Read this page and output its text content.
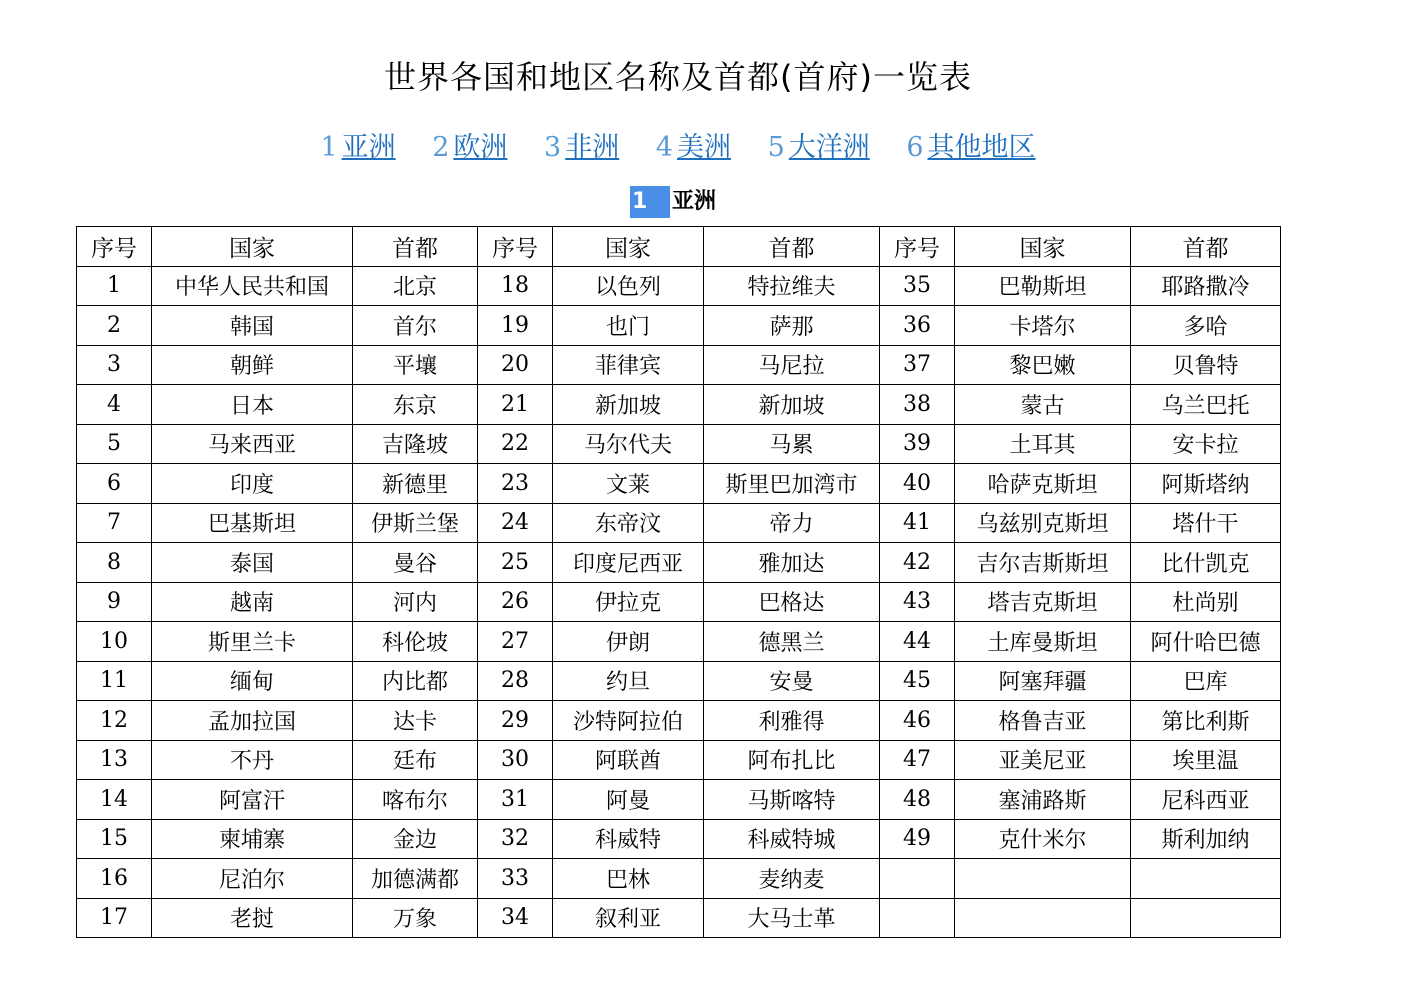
世界各国和地区名称及首都(首府)一览表
1 亚洲 2 欧洲 3 非洲 4 美洲 5 大洋洲 6 其他地区
1 亚洲
序号	国家	首都	序号	国家	首都	序号	国家	首都
1	中华人民共和国	北京	18	以色列	特拉维夫	35	巴勒斯坦	耶路撒冷
2	韩国	首尔	19	也门	萨那	36	卡塔尔	多哈
3	朝鲜	平壤	20	菲律宾	马尼拉	37	黎巴嫩	贝鲁特
4	日本	东京	21	新加坡	新加坡	38	蒙古	乌兰巴托
5	马来西亚	吉隆坡	22	马尔代夫	马累	39	土耳其	安卡拉
6	印度	新德里	23	文莱	斯里巴加湾市	40	哈萨克斯坦	阿斯塔纳
7	巴基斯坦	伊斯兰堡	24	东帝汶	帝力	41	乌兹别克斯坦	塔什干
8	泰国	曼谷	25	印度尼西亚	雅加达	42	吉尔吉斯斯坦	比什凯克
9	越南	河内	26	伊拉克	巴格达	43	塔吉克斯坦	杜尚别
10	斯里兰卡	科伦坡	27	伊朗	德黑兰	44	土库曼斯坦	阿什哈巴德
11	缅甸	内比都	28	约旦	安曼	45	阿塞拜疆	巴库
12	孟加拉国	达卡	29	沙特阿拉伯	利雅得	46	格鲁吉亚	第比利斯
13	不丹	廷布	30	阿联酋	阿布扎比	47	亚美尼亚	埃里温
14	阿富汗	喀布尔	31	阿曼	马斯喀特	48	塞浦路斯	尼科西亚
15	柬埔寨	金边	32	科威特	科威特城	49	克什米尔	斯利加纳
16	尼泊尔	加德满都	33	巴林	麦纳麦			
17	老挝	万象	34	叙利亚	大马士革			
